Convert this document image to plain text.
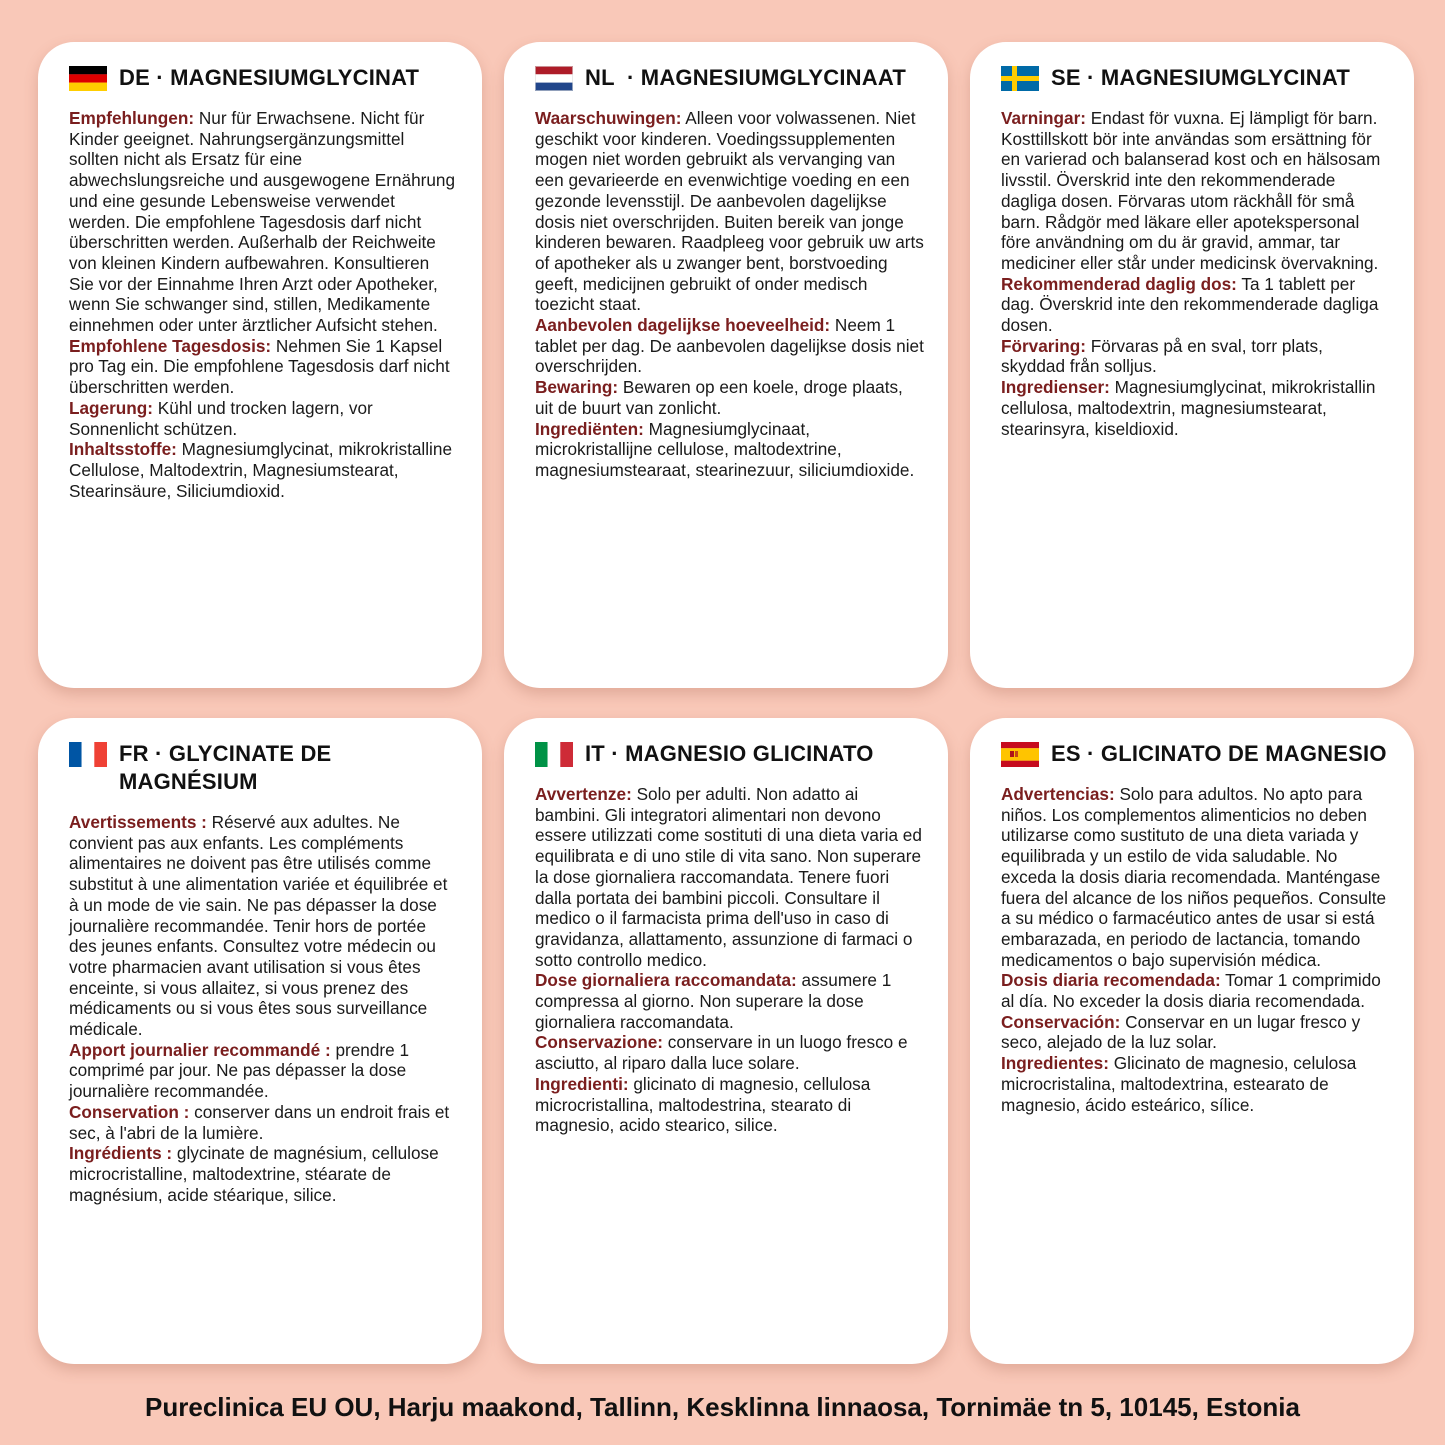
DE · MAGNESIUMGLYCINAT

Empfehlungen: Nur für Erwachsene. Nicht für Kinder geeignet. Nahrungsergänzungsmittel sollten nicht als Ersatz für eine abwechslungsreiche und ausgewogene Ernährung und eine gesunde Lebensweise verwendet werden. Die empfohlene Tagesdosis darf nicht überschritten werden. Außerhalb der Reichweite von kleinen Kindern aufbewahren. Konsultieren Sie vor der Einnahme Ihren Arzt oder Apotheker, wenn Sie schwanger sind, stillen, Medikamente einnehmen oder unter ärztlicher Aufsicht stehen.

Empfohlene Tagesdosis: Nehmen Sie 1 Kapsel pro Tag ein. Die empfohlene Tagesdosis darf nicht überschritten werden.

Lagerung: Kühl und trocken lagern, vor Sonnenlicht schützen.

Inhaltsstoffe: Magnesiumglycinat, mikrokristalline Cellulose, Maltodextrin, Magnesiumstearat, Stearinsäure, Siliciumdioxid.

NL  · MAGNESIUMGLYCINAAT

Waarschuwingen: Alleen voor volwassenen. Niet geschikt voor kinderen. Voedingssupplementen mogen niet worden gebruikt als vervanging van een gevarieerde en evenwichtige voeding en een gezonde levensstijl. De aanbevolen dagelijkse dosis niet overschrijden. Buiten bereik van jonge kinderen bewaren. Raadpleeg voor gebruik uw arts of apotheker als u zwanger bent, borstvoeding geeft, medicijnen gebruikt of onder medisch toezicht staat.

Aanbevolen dagelijkse hoeveelheid: Neem 1 tablet per dag. De aanbevolen dagelijkse dosis niet overschrijden.

Bewaring: Bewaren op een koele, droge plaats, uit de buurt van zonlicht.

Ingrediënten: Magnesiumglycinaat, microkristallijne cellulose, maltodextrine, magnesiumstearaat, stearinezuur, siliciumdioxide.

SE · MAGNESIUMGLYCINAT

Varningar: Endast för vuxna. Ej lämpligt för barn. Kosttillskott bör inte användas som ersättning för en varierad och balanserad kost och en hälsosam livsstil. Överskrid inte den rekommenderade dagliga dosen. Förvaras utom räckhåll för små barn. Rådgör med läkare eller apotekspersonal före användning om du är gravid, ammar, tar mediciner eller står under medicinsk övervakning.

Rekommenderad daglig dos: Ta 1 tablett per dag. Överskrid inte den rekommenderade dagliga dosen.

Förvaring: Förvaras på en sval, torr plats, skyddad från solljus.

Ingredienser: Magnesiumglycinat, mikrokristallin cellulosa, maltodextrin, magnesiumstearat, stearinsyra, kiseldioxid.

FR · GLYCINATE DE MAGNÉSIUM

Avertissements : Réservé aux adultes. Ne convient pas aux enfants. Les compléments alimentaires ne doivent pas être utilisés comme substitut à une alimentation variée et équilibrée et à un mode de vie sain. Ne pas dépasser la dose journalière recommandée. Tenir hors de portée des jeunes enfants. Consultez votre médecin ou votre pharmacien avant utilisation si vous êtes enceinte, si vous allaitez, si vous prenez des médicaments ou si vous êtes sous surveillance médicale.

Apport journalier recommandé : prendre 1 comprimé par jour. Ne pas dépasser la dose journalière recommandée.

Conservation : conserver dans un endroit frais et sec, à l'abri de la lumière.

Ingrédients : glycinate de magnésium, cellulose microcristalline, maltodextrine, stéarate de magnésium, acide stéarique, silice.

IT · MAGNESIO GLICINATO

Avvertenze: Solo per adulti. Non adatto ai bambini. Gli integratori alimentari non devono essere utilizzati come sostituti di una dieta varia ed equilibrata e di uno stile di vita sano. Non superare la dose giornaliera raccomandata. Tenere fuori dalla portata dei bambini piccoli. Consultare il medico o il farmacista prima dell'uso in caso di gravidanza, allattamento, assunzione di farmaci o sotto controllo medico.

Dose giornaliera raccomandata: assumere 1 compressa al giorno. Non superare la dose giornaliera raccomandata.

Conservazione: conservare in un luogo fresco e asciutto, al riparo dalla luce solare.

Ingredienti: glicinato di magnesio, cellulosa microcristallina, maltodestrina, stearato di magnesio, acido stearico, silice.

ES · GLICINATO DE MAGNESIO

Advertencias: Solo para adultos. No apto para niños. Los complementos alimenticios no deben utilizarse como sustituto de una dieta variada y equilibrada y un estilo de vida saludable. No exceda la dosis diaria recomendada. Manténgase fuera del alcance de los niños pequeños. Consulte a su médico o farmacéutico antes de usar si está embarazada, en periodo de lactancia, tomando medicamentos o bajo supervisión médica.

Dosis diaria recomendada: Tomar 1 comprimido al día. No exceder la dosis diaria recomendada.

Conservación: Conservar en un lugar fresco y seco, alejado de la luz solar.

Ingredientes: Glicinato de magnesio, celulosa microcristalina, maltodextrina, estearato de magnesio, ácido esteárico, sílice.

Pureclinica EU OU, Harju maakond, Tallinn, Kesklinna linnaosa, Tornimäe tn 5, 10145, Estonia
